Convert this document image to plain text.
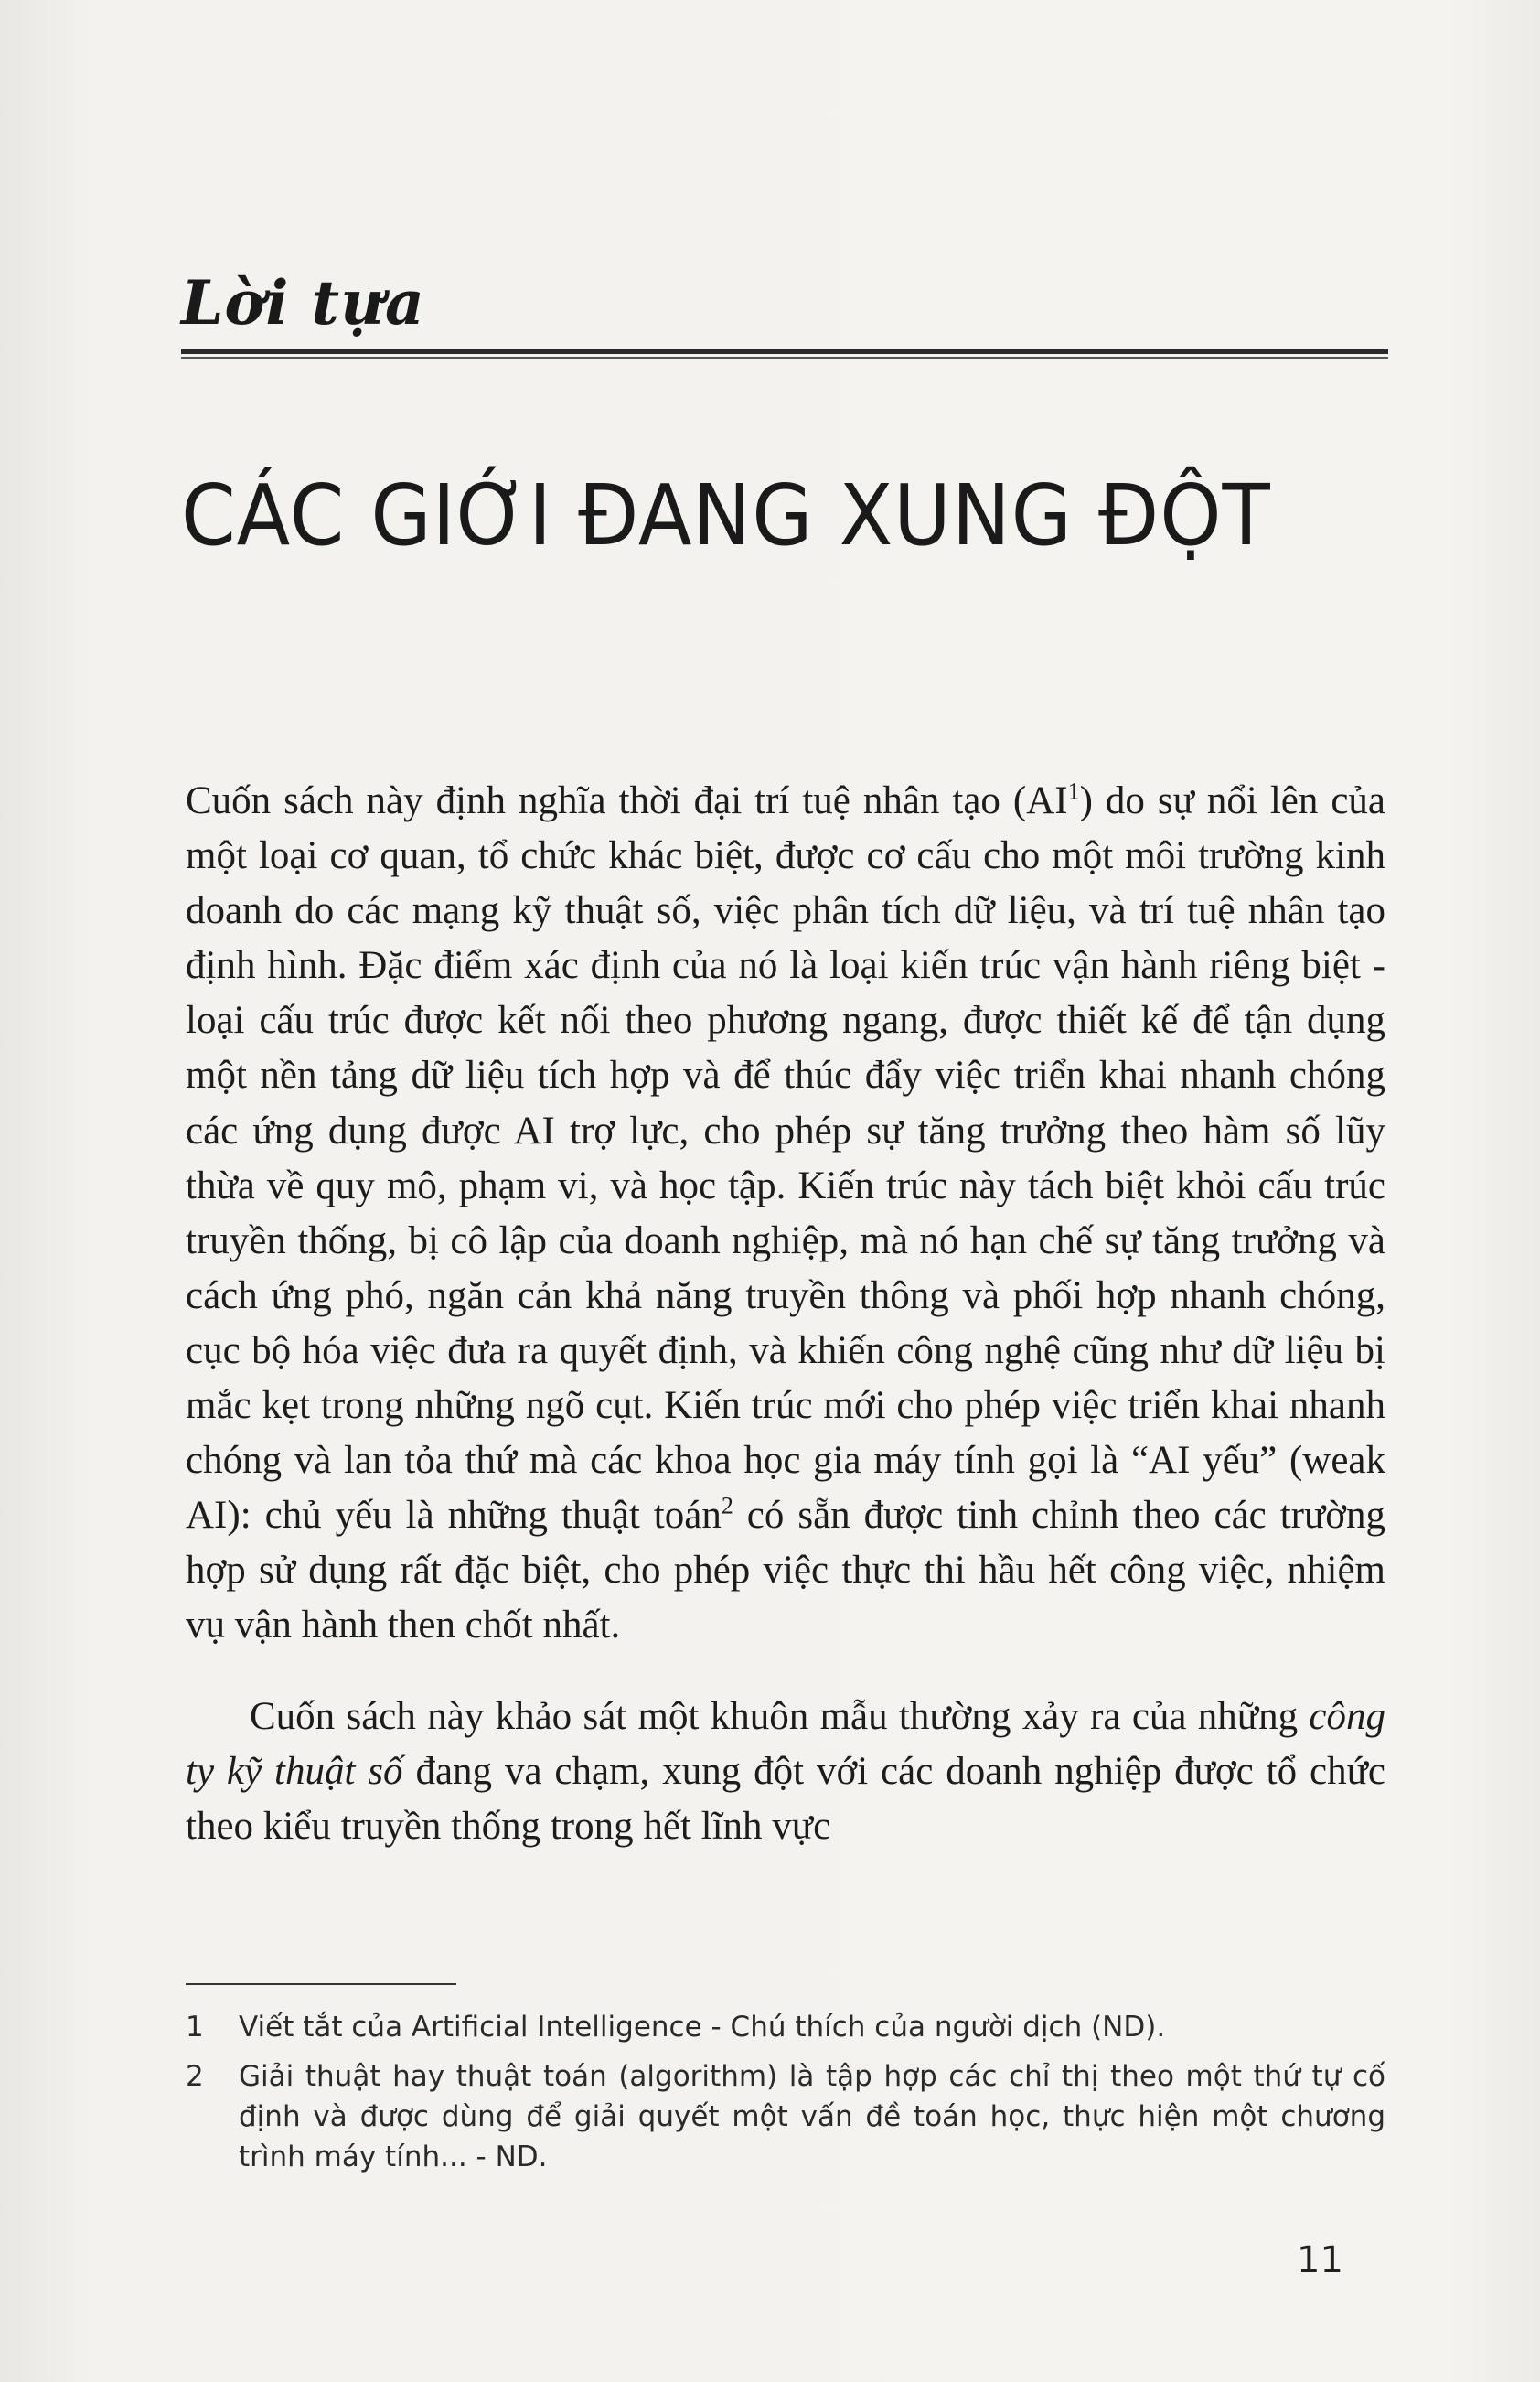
Lời tựa
CÁC GIỚI ĐANG XUNG ĐỘT

Cuốn sách này định nghĩa thời đại trí tuệ nhân tạo $(AI^1)$ do sự nổi lên của một loại cơ quan, tổ chức khác biệt, được cơ cấu cho một môi trường kinh doanh do các mạng kỹ thuật số, việc phân tích dữ liệu, và trí tuệ nhân tạo định hình. Đặc điểm xác định của nó là loại kiến trúc vận hành riêng biệt - loại cấu trúc được kết nối theo phương ngang, được thiết kế để tận dụng một nền tảng dữ liệu tích hợp và để thúc đẩy việc triển khai nhanh chóng các ứng dụng được AI trợ lực, cho phép sự tăng trưởng theo hàm số lũy thừa về quy mô, phạm vi, và học tập. Kiến trúc này tách biệt khỏi cấu trúc truyền thống, bị cô lập của doanh nghiệp, mà nó hạn chế sự tăng trưởng và cách ứng phó, ngăn cản khả năng truyền thông và phối hợp nhanh chóng, cục bộ hóa việc đưa ra quyết định, và khiến công nghệ cũng như dữ liệu bị mắc kẹt trong những ngõ cụt. Kiến trúc mới cho phép việc triển khai nhanh chóng và lan tỏa thứ mà các khoa học gia máy tính gọi là “AI yếu” (weak AI): chủ yếu là những thuật toán$^2$ có sẵn được tinh chỉnh theo các trường hợp sử dụng rất đặc biệt, cho phép việc thực thi hầu hết công việc, nhiệm vụ vận hành then chốt nhất.

Cuốn sách này khảo sát một khuôn mẫu thường xảy ra của những công ty kỹ thuật số đang va chạm, xung đột với các doanh nghiệp được tổ chức theo kiểu truyền thống trong hết lĩnh vực

1	Viết tắt của Artificial Intelligence - Chú thích của người dịch (ND).
2	Giải thuật hay thuật toán (algorithm) là tập hợp các chỉ thị theo một thứ tự cố định và được dùng để giải quyết một vấn đề toán học, thực hiện một chương trình máy tính... - ND.
11
